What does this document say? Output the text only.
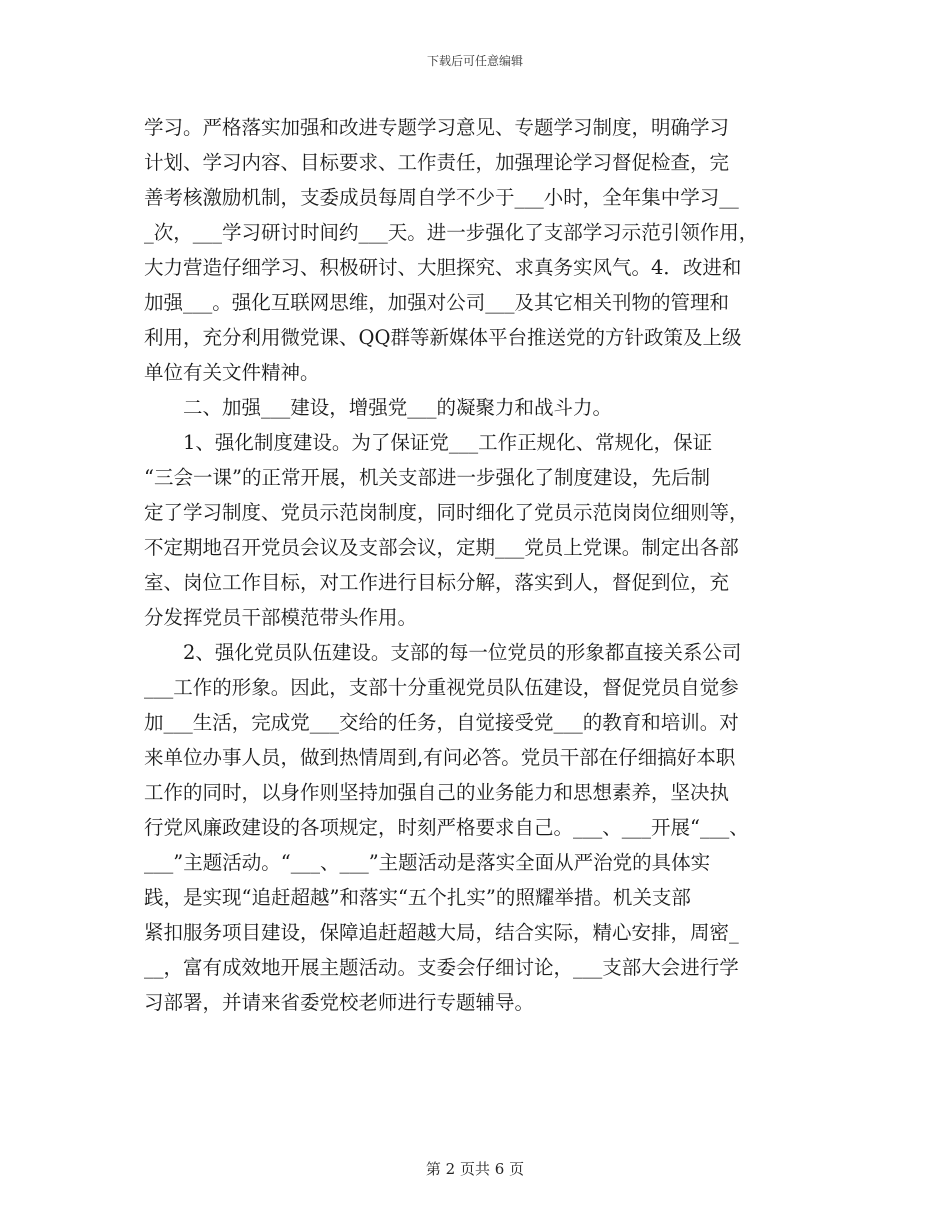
下载后可任意编辑
学习。严格落实加强和改进专题学习意见、专题学习制度，明确学习
计划、学习内容、目标要求、工作责任，加强理论学习督促检查，完
善考核激励机制，支委成员每周自学不少于___小时，全年集中学习__
_次，___学习研讨时间约___天。进一步强化了支部学习示范引领作用，
大力营造仔细学习、积极研讨、大胆探究、求真务实风气。4．改进和
加强___。强化互联网思维，加强对公司___及其它相关刊物的管理和
利用，充分利用微党课、QQ群等新媒体平台推送党的方针政策及上级
单位有关文件精神。
　　二、加强___建设，增强党___的凝聚力和战斗力。
　　1、强化制度建设。为了保证党___工作正规化、常规化，保证
“三会一课”的正常开展，机关支部进一步强化了制度建设，先后制
定了学习制度、党员示范岗制度，同时细化了党员示范岗岗位细则等，
不定期地召开党员会议及支部会议，定期___党员上党课。制定出各部
室、岗位工作目标，对工作进行目标分解，落实到人，督促到位，充
分发挥党员干部模范带头作用。
　　2、强化党员队伍建设。支部的每一位党员的形象都直接关系公司
___工作的形象。因此，支部十分重视党员队伍建设，督促党员自觉参
加___生活，完成党___交给的任务，自觉接受党___的教育和培训。对
来单位办事人员，做到热情周到,有问必答。党员干部在仔细搞好本职
工作的同时，以身作则坚持加强自己的业务能力和思想素养，坚决执
行党风廉政建设的各项规定，时刻严格要求自己。___、___开展“___、
___”主题活动。“___、___”主题活动是落实全面从严治党的具体实
践，是实现“追赶超越”和落实“五个扎实”的照耀举措。机关支部
紧扣服务项目建设，保障追赶超越大局，结合实际，精心安排，周密_
__，富有成效地开展主题活动。支委会仔细讨论，___支部大会进行学
习部署，并请来省委党校老师进行专题辅导。
第 2 页共 6 页
